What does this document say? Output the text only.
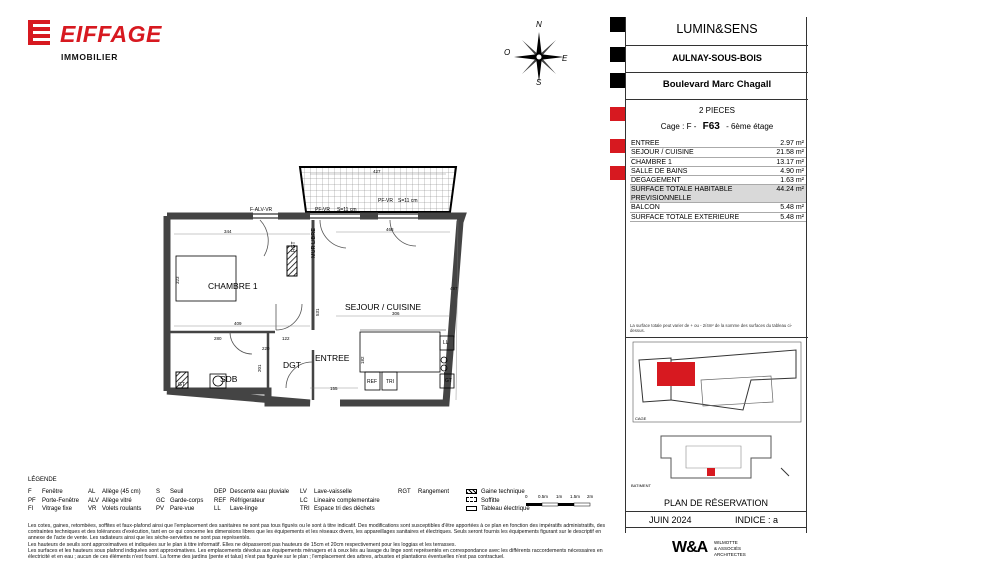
EIFFAGE
IMMOBILIER
N
E
S
O
CHAMBRE 1
SEJOUR / CUISINE
ENTREE
DGT
SDB
MUR LIBRE
F-ALV-VR	PF-VR S=11 cm
PF-VR S=11 cm
RGT
REF TRI
LL
GT
GT
427
468
344
497
409
306
280	122
155
531
323
220
182
201
LUMIN&SENS
AULNAY-SOUS-BOIS
Boulevard Marc Chagall
2 PIECES
Cage : F - F63 - 6ème étage
ENTREE	2.97 m²
SEJOUR / CUISINE	21.58 m²
CHAMBRE 1	13.17 m²
SALLE DE BAINS	4.90 m²
DEGAGEMENT	1.63 m²
SURFACE TOTALE HABITABLE
PREVISIONNELLE
44.24 m²
BALCON	5.48 m²
SURFACE TOTALE EXTERIEURE	5.48 m²
La surface totale peut varier de + ou - 2/4m² de la somme des surfaces du tableau ci-dessus.
CAGE
BATIMENT
LÉGENDE
F Fenêtre
PF Porte-Fenêtre
FI Vitrage fixe
AL Allège (45 cm)
ALV Allège vitré
VR Volets roulants
S Seuil
GC Garde-corps
PV Pare-vue
DEP Descente eau pluviale
REF Réfrigerateur
LL Lave-linge
LV Lave-vaisselle
LC Lineaire complementaire
TRI Espace tri des déchets
RGT Rangement	Gaine technique
Soffitte
Tableau électrique
0 0.5m 1m 1.5m 2m
Les cotes, gaines, retombées, soffites et faux-plafond ainsi que l'emplacement des sanitaires ne sont pas tous figurés ou le sont à titre indicatif. Des modifications sont susceptibles d'être apportées à ce plan en fonction des impératifs administratifs, des contraintes techniques et des tolérances d'exécution, tant en ce qui concerne les dimensions libres que les équipements et les réseaux divers, les appareillages sanitaires et électriques. Seuls seront fournis les équipements figurant sur le descriptif en annexe de l'acte de vente. Les radiateurs ainsi que les sèche-serviettes ne sont pas représentés.
Les hauteurs de seuils sont approximatives et indiquées sur le plan à titre informatif. Elles ne dépasseront pas hauteurs de 15cm et 20cm respectivement pour les loggias et les terrasses.
Les surfaces et les hauteurs sous plafond indiquées sont approximatives. Les emplacements dévolus aux équipements ménagers et à ceux liés au lavage du linge sont représentés en correspondance avec les différents raccordements nécessaires en électricité et en eau ; aucun de ces éléments n'est fourni. La forme des jardins (pente et talus) n'est pas figurée sur le plan ; l'emplacement des arbres, arbustes et plantations éventuelles n'est pas contractuel.
PLAN DE RÉSERVATION
JUIN 2024	INDICE : a
W&A WILMOTTE
& ASSOCIÉS
ARCHITECTES
